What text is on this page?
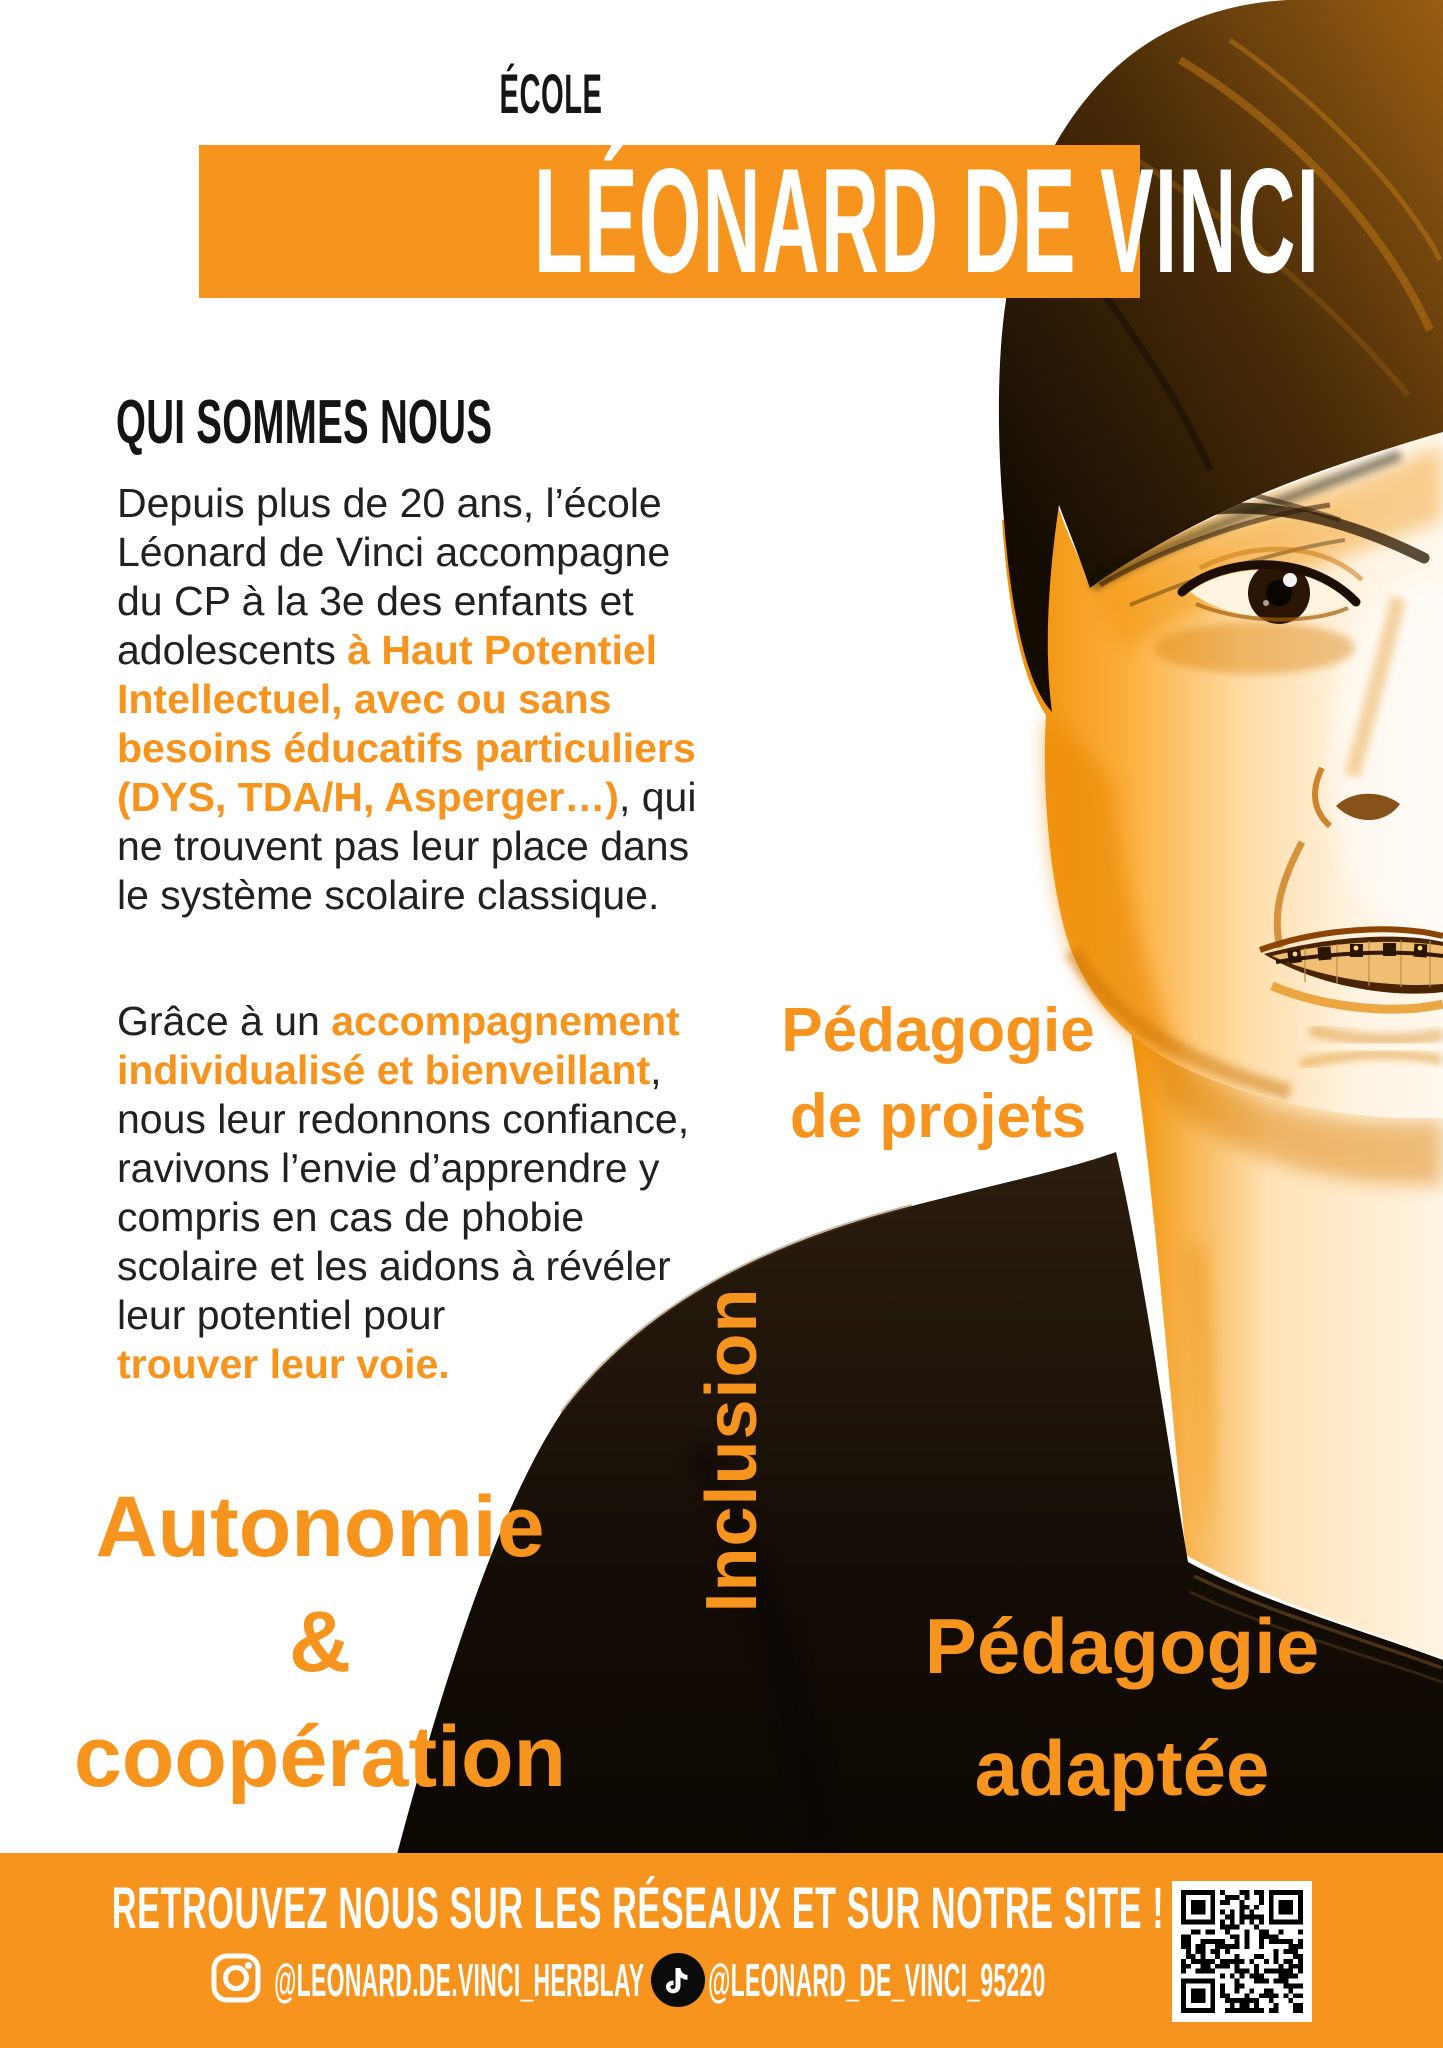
ÉCOLE
LÉONARD DE VINCI
QUI SOMMES NOUS
Depuis plus de 20 ans, l’école
Léonard de Vinci accompagne
du CP à la 3e des enfants et
adolescents à Haut Potentiel
Intellectuel, avec ou sans
besoins éducatifs particuliers
(DYS, TDA/H, Asperger…), qui
ne trouvent pas leur place dans
le système scolaire classique.
Grâce à un accompagnement
individualisé et bienveillant,
nous leur redonnons confiance,
ravivons l’envie d’apprendre y
compris en cas de phobie
scolaire et les aidons à révéler
leur potentiel pour
trouver leur voie.
Pédagogie
de projets
Inclusion
Autonomie
&
coopération
Pédagogie
adaptée
RETROUVEZ NOUS SUR LES RÉSEAUX ET SUR NOTRE SITE !
@LEONARD.DE.VINCI_HERBLAY	@LEONARD_DE_VINCI_95220
